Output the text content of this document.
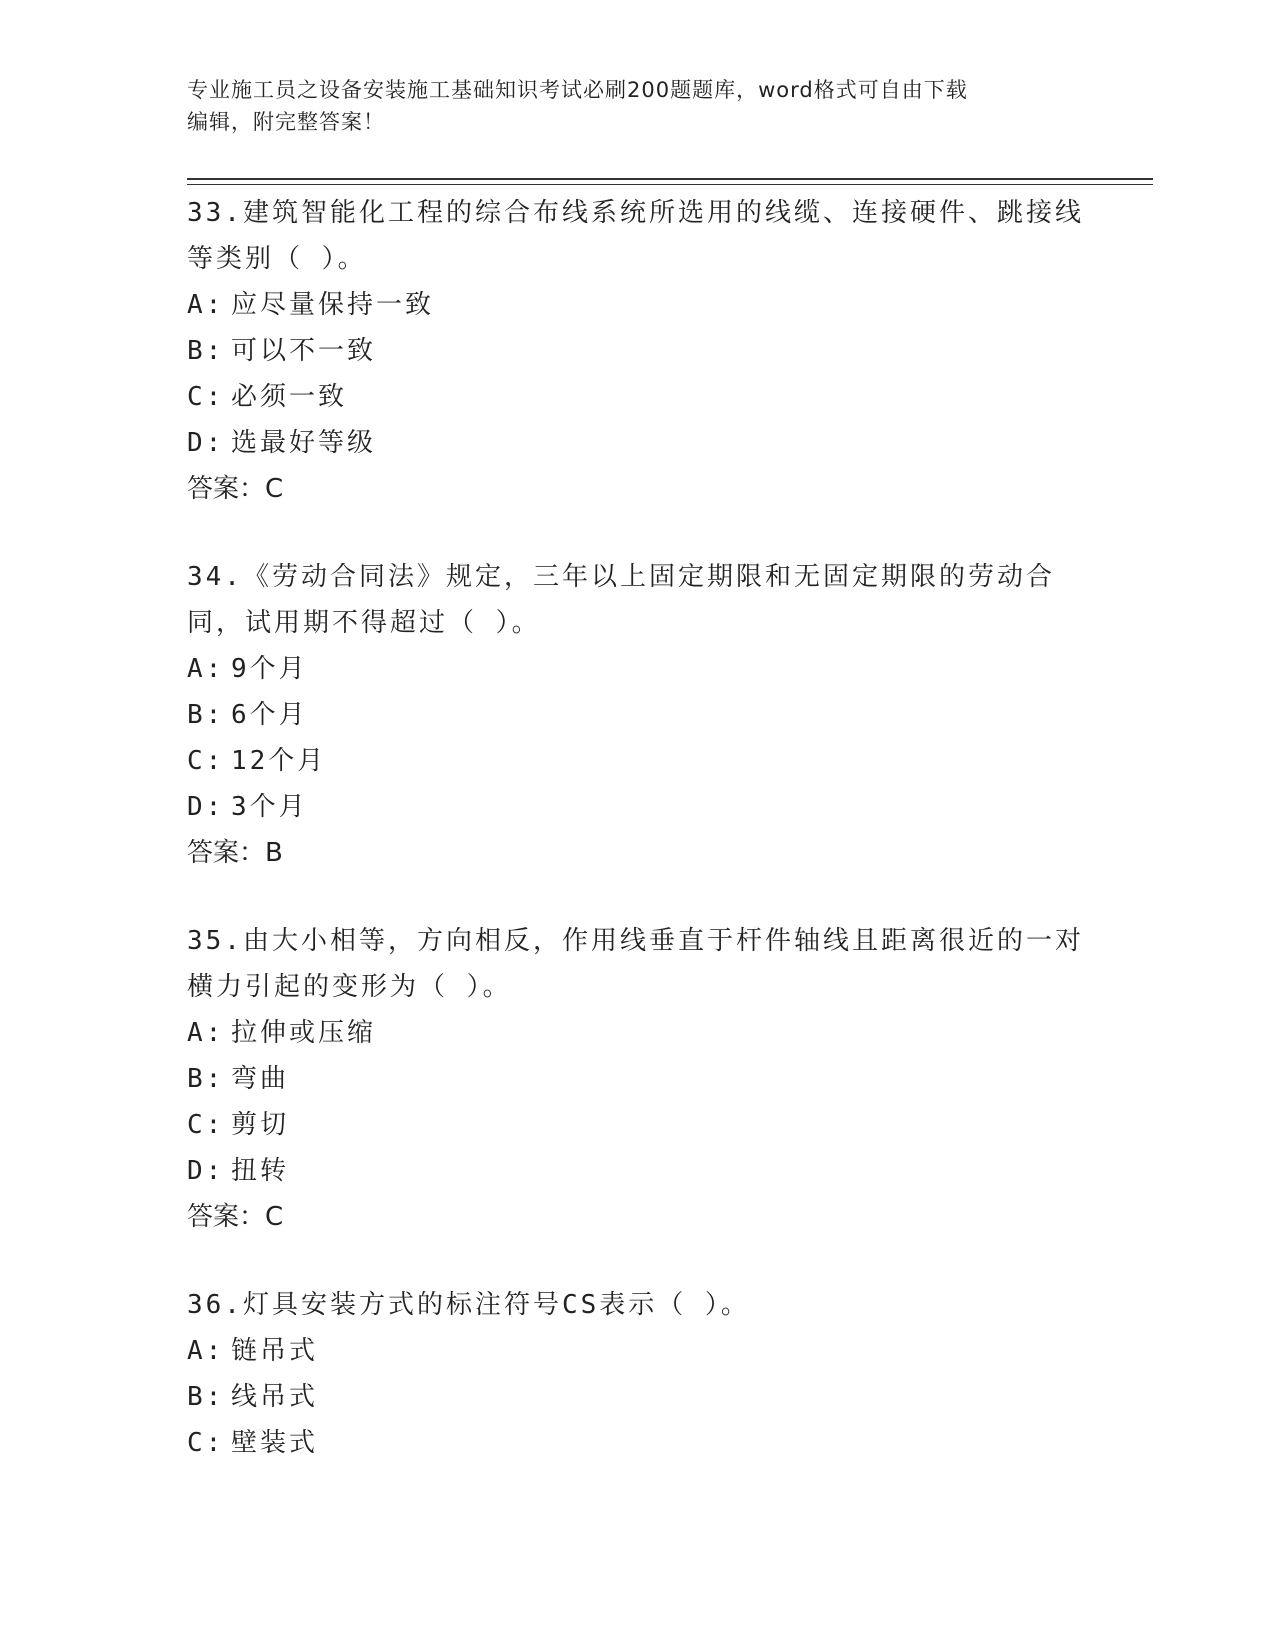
专业施工员之设备安装施工基础知识考试必刷200题题库，word格式可自由下载
编辑，附完整答案！
33.建筑智能化工程的综合布线系统所选用的线缆、连接硬件、跳接线等类别（ ）。
A: 应尽量保持一致
B: 可以不一致
C: 必须一致
D: 选最好等级
答案：C
34.《劳动合同法》规定，三年以上固定期限和无固定期限的劳动合同，试用期不得超过（ ）。
A: 9个月
B: 6个月
C: 12个月
D: 3个月
答案：B
35.由大小相等，方向相反，作用线垂直于杆件轴线且距离很近的一对横力引起的变形为（ ）。
A: 拉伸或压缩
B: 弯曲
C: 剪切
D: 扭转
答案：C
36.灯具安装方式的标注符号CS表示（ ）。
A: 链吊式
B: 线吊式
C: 壁装式
